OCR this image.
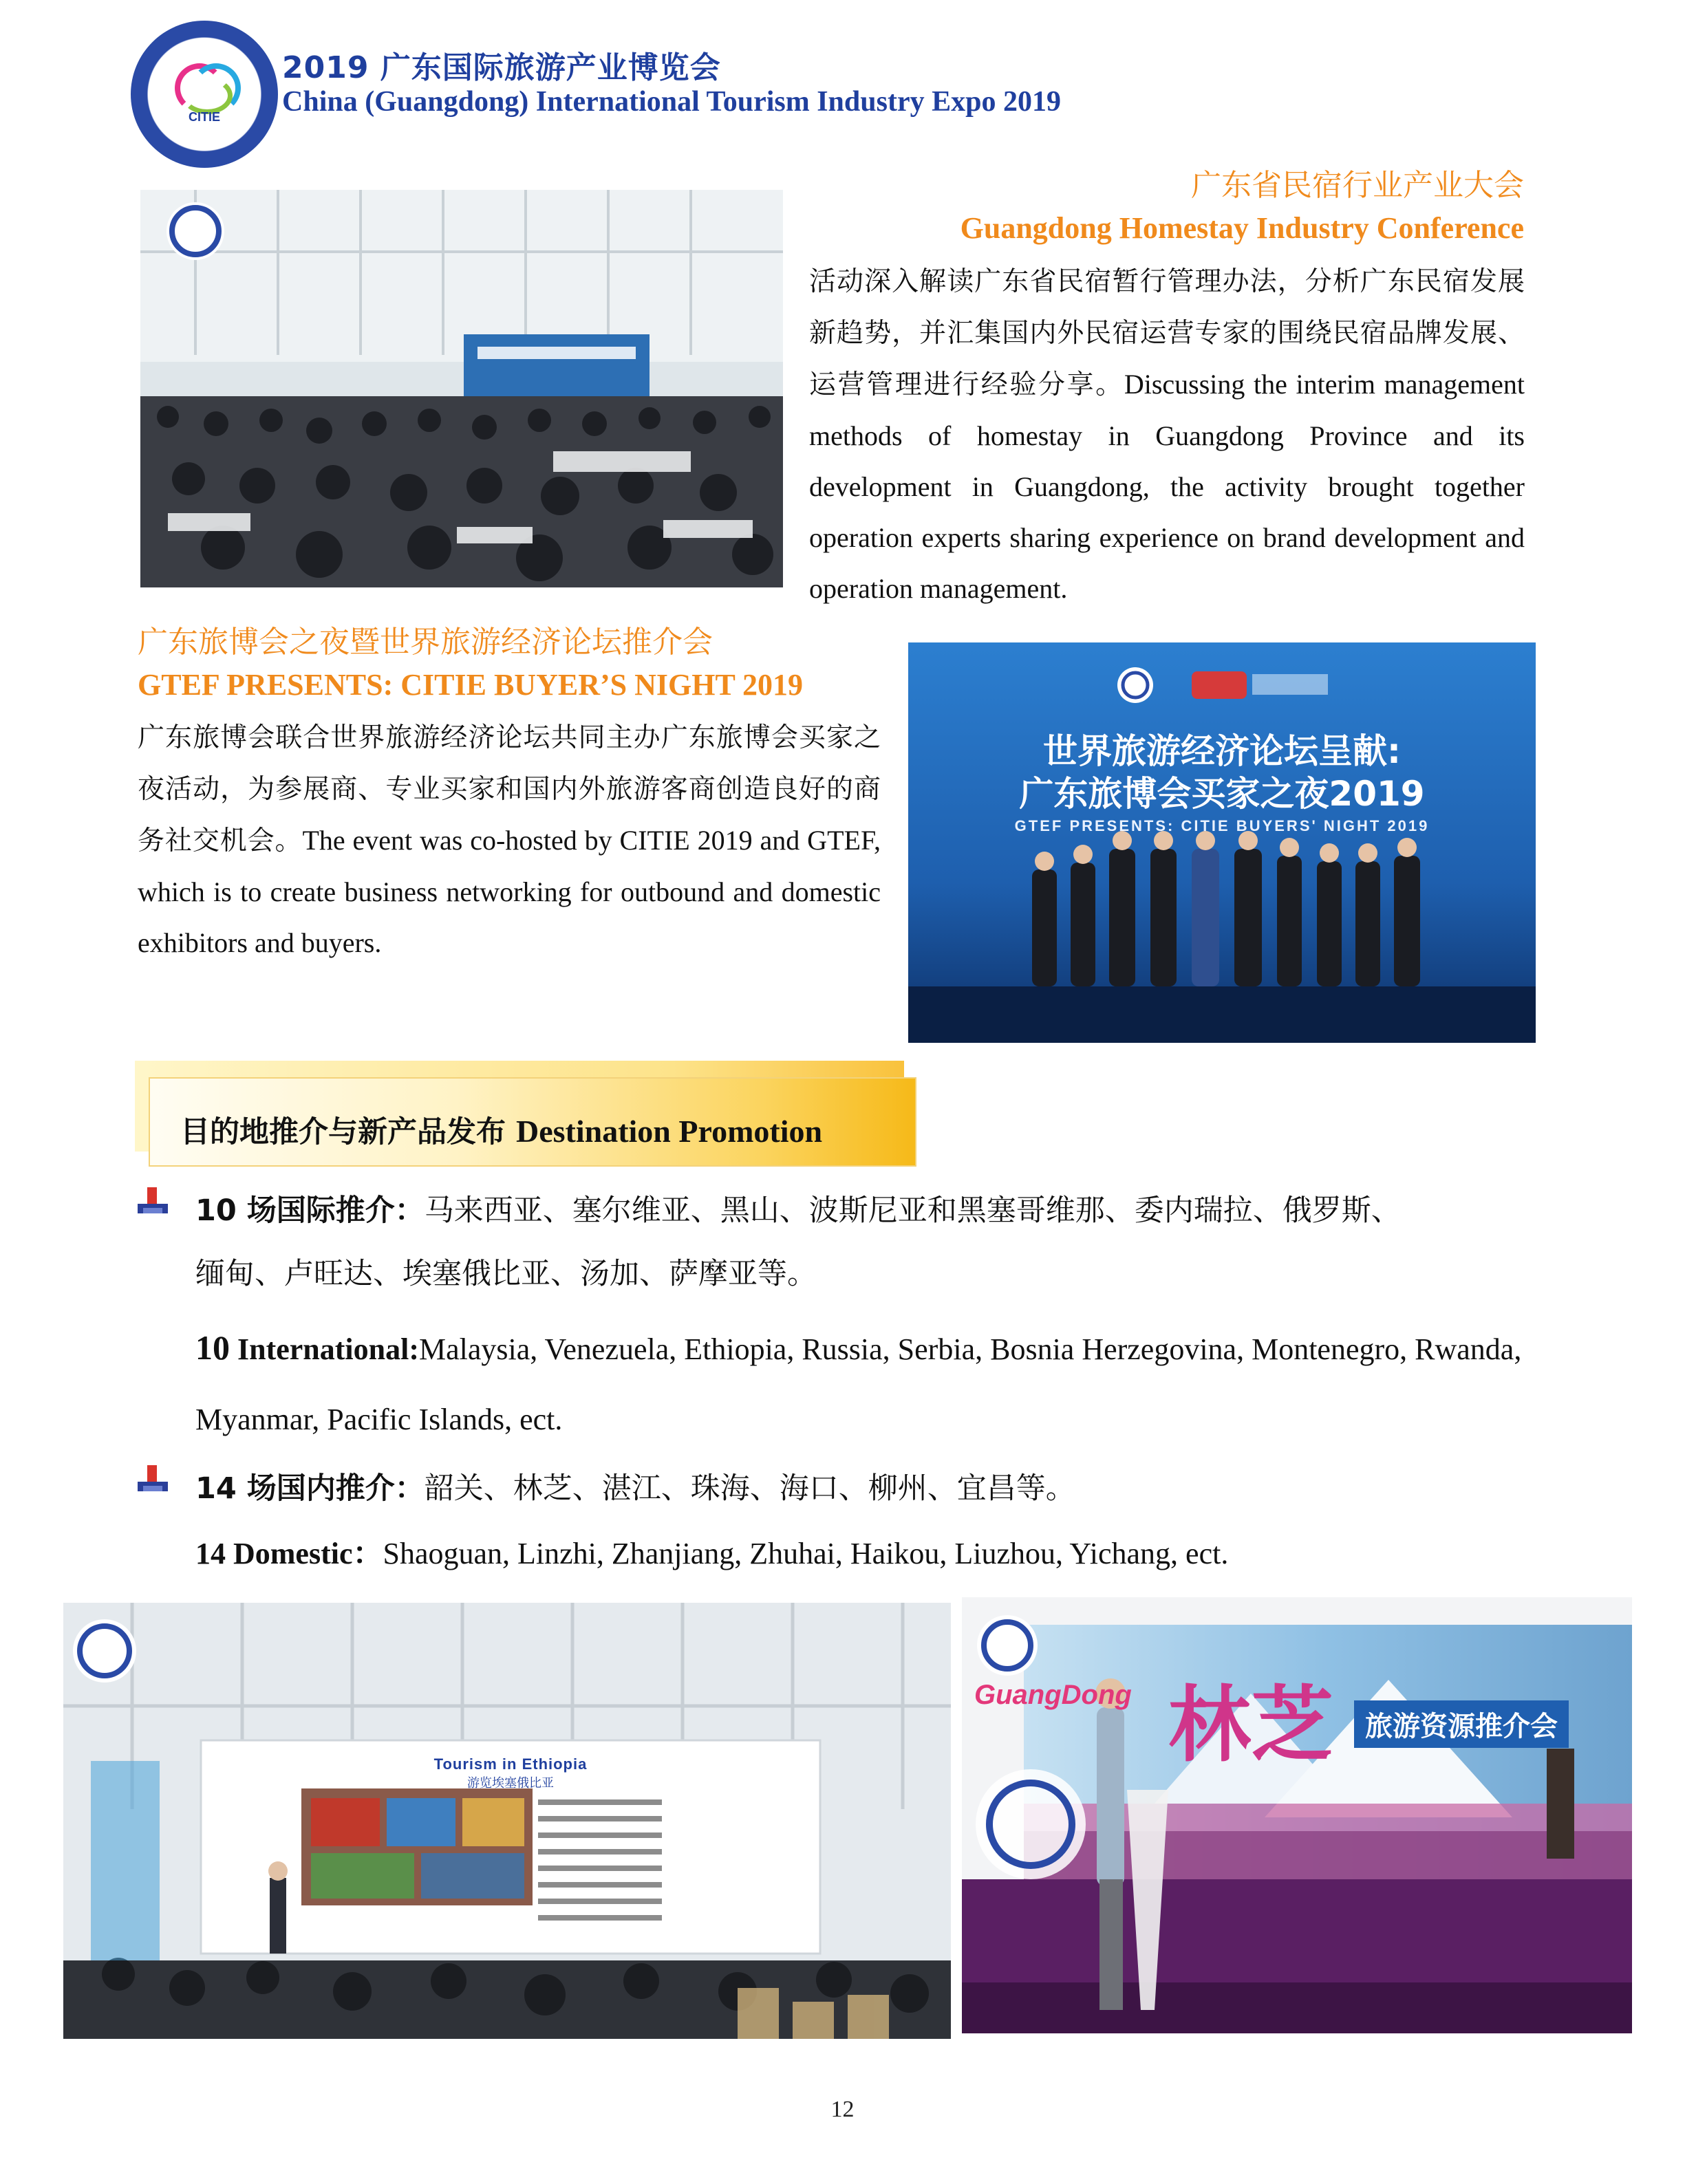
CITIE
2019 广东国际旅游产业博览会
China (Guangdong) International Tourism Industry Expo 2019
广东省民宿行业产业大会
Guangdong Homestay Industry Conference

活动深入解读广东省民宿暂行管理办法，分析广东民宿发展新趋势，并汇集国内外民宿运营专家的围绕民宿品牌发展、运营管理进行经验分享。Discussing the interim management methods of homestay in Guangdong Province and its development in Guangdong, the activity brought together operation experts sharing experience on brand development and operation management.

广东旅博会之夜暨世界旅游经济论坛推介会
GTEF PRESENTS: CITIE BUYER’S NIGHT 2019

广东旅博会联合世界旅游经济论坛共同主办广东旅博会买家之夜活动，为参展商、专业买家和国内外旅游客商创造良好的商务社交机会。The event was co-hosted by CITIE 2019 and GTEF, which is to create business networking for outbound and domestic exhibitors and buyers.

世界旅游经济论坛呈献:
广东旅博会买家之夜2019
GTEF PRESENTS: CITIE BUYERS' NIGHT 2019
目的地推介与新产品发布 Destination Promotion
10 场国际推介：马来西亚、塞尔维亚、黑山、波斯尼亚和黑塞哥维那、委内瑞拉、俄罗斯、
缅甸、卢旺达、埃塞俄比亚、汤加、萨摩亚等。
10 International:Malaysia, Venezuela, Ethiopia, Russia, Serbia, Bosnia Herzegovina, Montenegro, Rwanda,
Myanmar, Pacific Islands, ect.
14 场国内推介：韶关、林芝、湛江、珠海、海口、柳州、宜昌等。
14 Domestic：Shaoguan, Linzhi, Zhanjiang, Zhuhai, Haikou, Liuzhou, Yichang, ect.
Tourism in Ethiopia
游览埃塞俄比亚
GuangDong 林芝	旅游资源推介会
12
